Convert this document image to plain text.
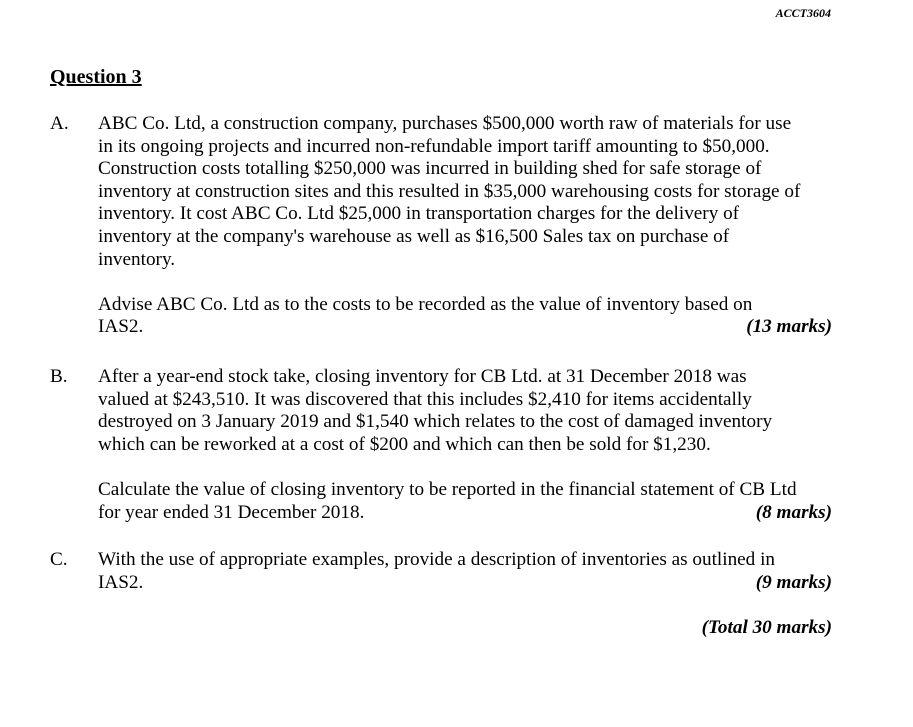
ACCT3604
Question 3
A. ABC Co. Ltd, a construction company, purchases $500,000 worth raw of materials for use
in its ongoing projects and incurred non-refundable import tariff amounting to $50,000.
Construction costs totalling $250,000 was incurred in building shed for safe storage of
inventory at construction sites and this resulted in $35,000 warehousing costs for storage of
inventory. It cost ABC Co. Ltd $25,000 in transportation charges for the delivery of
inventory at the company's warehouse as well as $16,500 Sales tax on purchase of
inventory.
Advise ABC Co. Ltd as to the costs to be recorded as the value of inventory based on
IAS2.	(13 marks)
B. After a year-end stock take, closing inventory for CB Ltd. at 31 December 2018 was
valued at $243,510. It was discovered that this includes $2,410 for items accidentally
destroyed on 3 January 2019 and $1,540 which relates to the cost of damaged inventory
which can be reworked at a cost of $200 and which can then be sold for $1,230.
Calculate the value of closing inventory to be reported in the financial statement of CB Ltd
for year ended 31 December 2018.	(8 marks)
C. With the use of appropriate examples, provide a description of inventories as outlined in
IAS2.	(9 marks)
(Total 30 marks)
